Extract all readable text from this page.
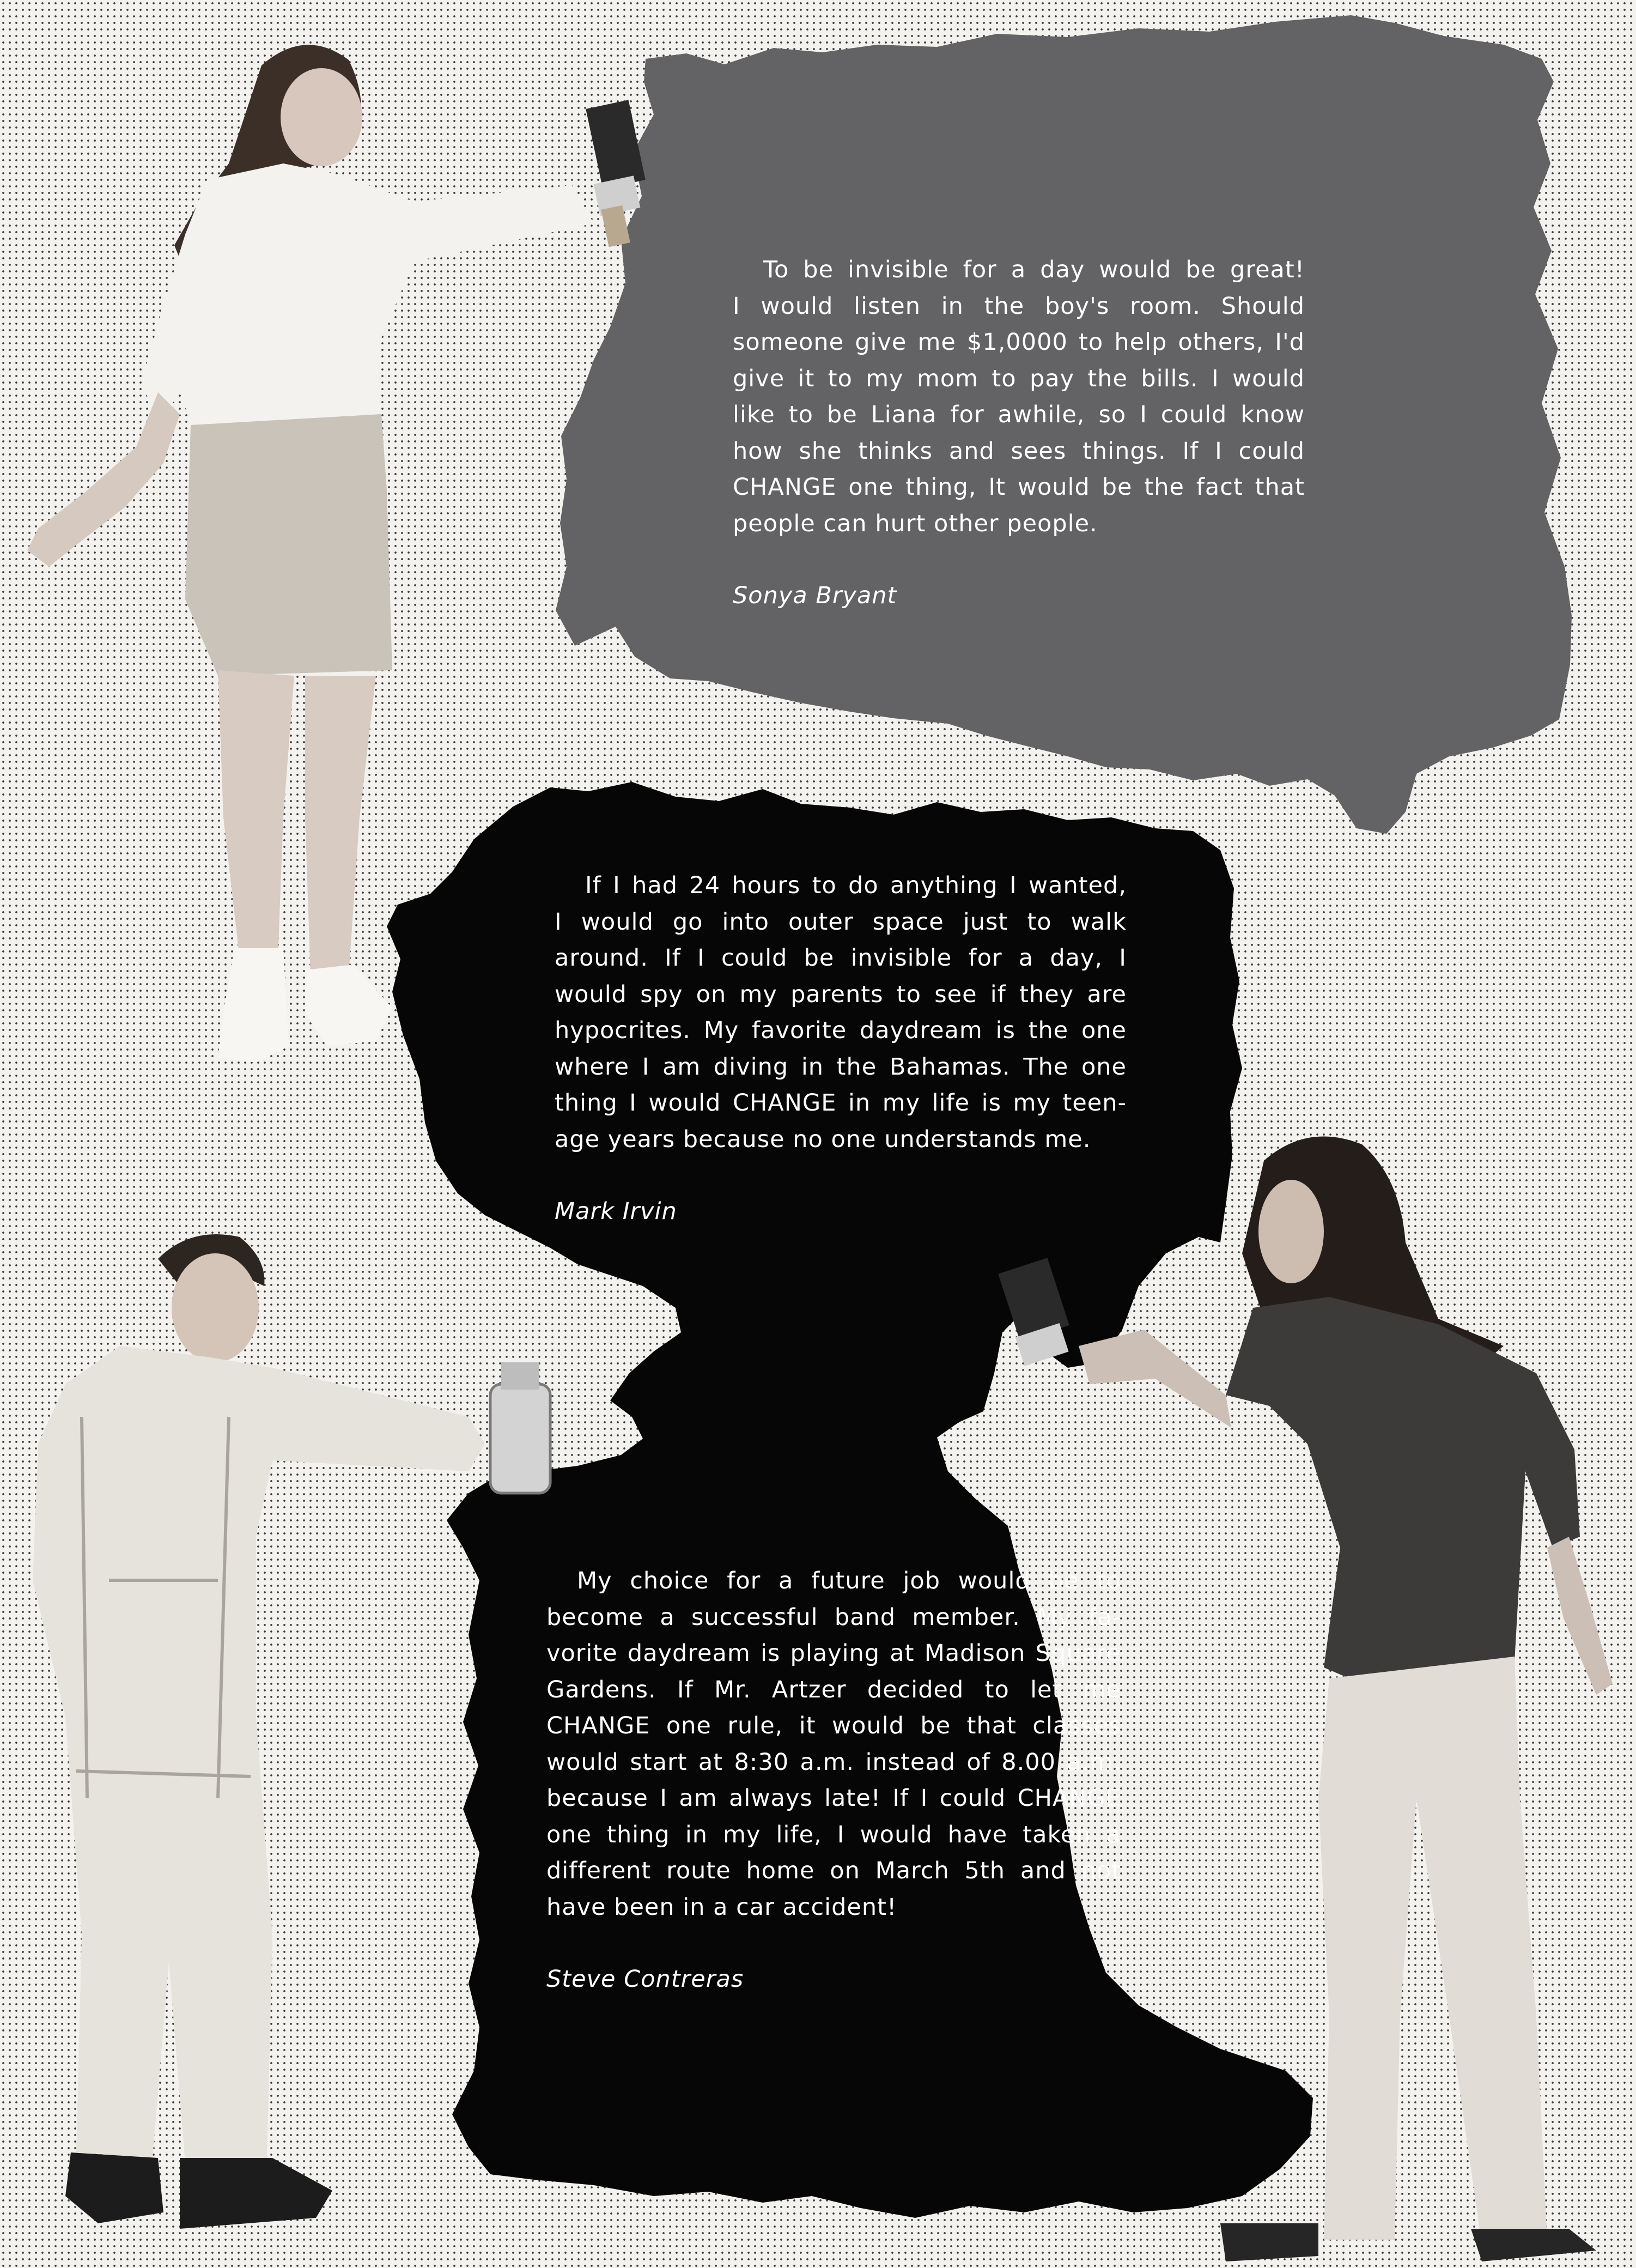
To be invisible for a day would be great!
I would listen in the boy's room. Should
someone give me $1,0000 to help others, I'd
give it to my mom to pay the bills. I would
like to be Liana for awhile, so I could know
how she thinks and sees things. If I could
CHANGE one thing, It would be the fact that
people can hurt other people.
Sonya Bryant
If I had 24 hours to do anything I wanted,
I would go into outer space just to walk
around. If I could be invisible for a day, I
would spy on my parents to see if they are
hypocrites. My favorite daydream is the one
where I am diving in the Bahamas. The one
thing I would CHANGE in my life is my teen-
age years because no one understands me.
Mark Irvin
My choice for a future job would be to
become a successful band member. My fa-
vorite daydream is playing at Madison Square
Gardens. If Mr. Artzer decided to let me
CHANGE one rule, it would be that classes
would start at 8:30 a.m. instead of 8.00 a.m.
because I am always late! If I could CHANGE
one thing in my life, I would have taken a
different route home on March 5th and not
have been in a car accident!
Steve Contreras
